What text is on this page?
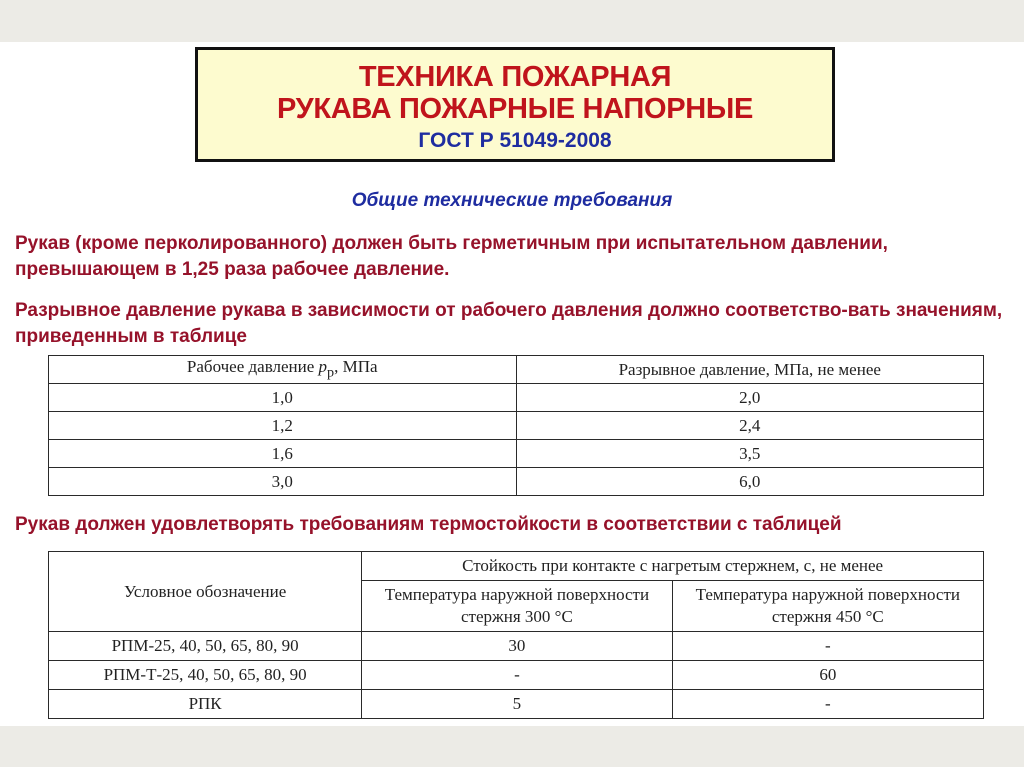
ТЕХНИКА ПОЖАРНАЯ
РУКАВА ПОЖАРНЫЕ НАПОРНЫЕ
ГОСТ Р 51049-2008
Общие технические требования
Рукав (кроме перколированного) должен быть герметичным при испытательном давлении, превышающем в 1,25 раза рабочее давление.
Разрывное давление рукава в зависимости от рабочего давления должно соответство-вать значениям, приведенным в таблице
Рабочее давление $p_р$, МПа	Разрывное давление, МПа, не менее
1,0	2,0
1,2	2,4
1,6	3,5
3,0	6,0
Рукав должен удовлетворять требованиям термостойкости в соответствии с таблицей
Условное обозначение	Стойкость при контакте с нагретым стержнем, с, не менее
Температура наружной поверхности
стержня 300 °С	Температура наружной поверхности
стержня 450 °С
РПМ-25, 40, 50, 65, 80, 90	30	-
РПМ-Т-25, 40, 50, 65, 80, 90	-	60
РПК	5	-
